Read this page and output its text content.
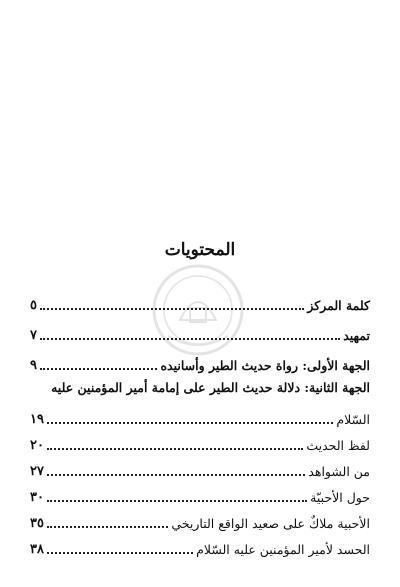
المحتويات
كلمة المركز
٥
تمهيد
٧
الجهة الأولى: رواة حديث الطير وأسانيده
٩
الجهة الثانية: دلالة حديث الطير على إمامة أمير المؤمنين عليه
السّلام
١٩
لفظ الحديث
٢٠
من الشواهد
٢٧
حول الأحبيّة
٣٠
الأحبية ملاكٌ على صعيد الواقع التاريخي
٣٥
الحسد لأمير المؤمنين عليه السّلام
٣٨
